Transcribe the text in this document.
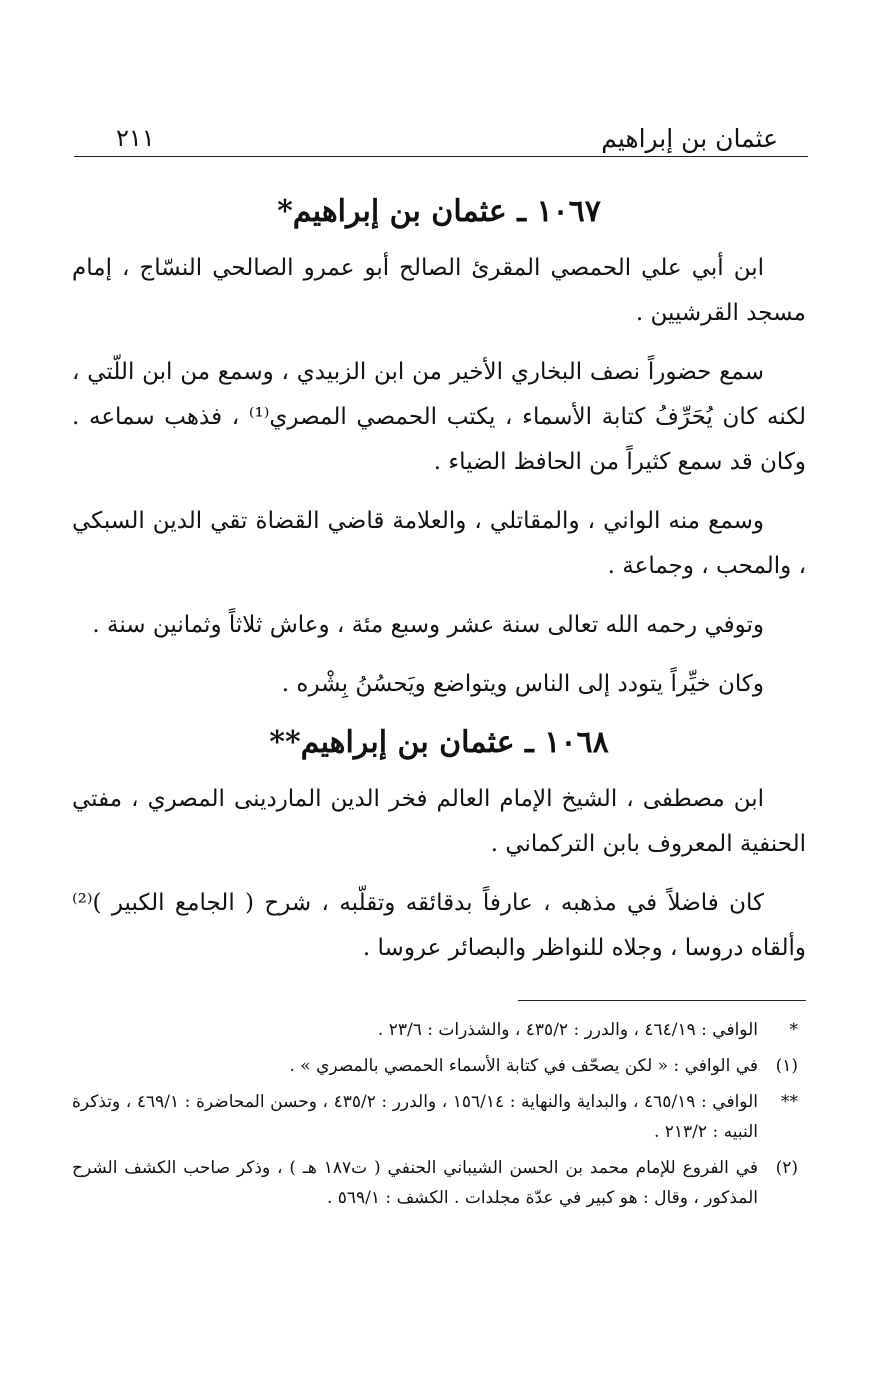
عثمان بن إبراهيم
٢١١
١٠٦٧ ـ عثمان بن إبراهيم*

ابن أبي علي الحمصي المقرئ الصالح أبو عمرو الصالحي النسّاج ، إمام مسجد القرشيين .

سمع حضوراً نصف البخاري الأخير من ابن الزبيدي ، وسمع من ابن اللّتي ، لكنه كان يُحَرِّفُ كتابة الأسماء ، يكتب الحمصي المصري⁽¹⁾ ، فذهب سماعه . وكان قد سمع كثيراً من الحافظ الضياء .

وسمع منه الواني ، والمقاتلي ، والعلامة قاضي القضاة تقي الدين السبكي ، والمحب ، وجماعة .

وتوفي رحمه الله تعالى سنة عشر وسبع مئة ، وعاش ثلاثاً وثمانين سنة .

وكان خيِّراً يتودد إلى الناس ويتواضع ويَحسُنُ بِشْره .

١٠٦٨ ـ عثمان بن إبراهيم**

ابن مصطفى ، الشيخ الإمام العالم فخر الدين الماردينى المصري ، مفتي الحنفية المعروف بابن التركماني .

كان فاضلاً في مذهبه ، عارفاً بدقائقه وتقلّبه ، شرح ( الجامع الكبير )⁽²⁾ وألقاه دروسا ، وجلاه للنواظر والبصائر عروسا .

*
الوافي : ٤٦٤/١٩ ، والدرر : ٤٣٥/٢ ، والشذرات : ٢٣/٦ .
(١)
في الوافي : « لكن يصحّف في كتابة الأسماء الحمصي بالمصري » .
**
الوافي : ٤٦٥/١٩ ، والبداية والنهاية : ١٥٦/١٤ ، والدرر : ٤٣٥/٢ ، وحسن المحاضرة : ٤٦٩/١ ، وتذكرة النبيه : ٢١٣/٢ .
(٢)
في الفروع للإمام محمد بن الحسن الشيباني الحنفي ( ت١٨٧ هـ ) ، وذكر صاحب الكشف الشرح المذكور ، وقال : هو كبير في عدّة مجلدات . الكشف : ٥٦٩/١ .
